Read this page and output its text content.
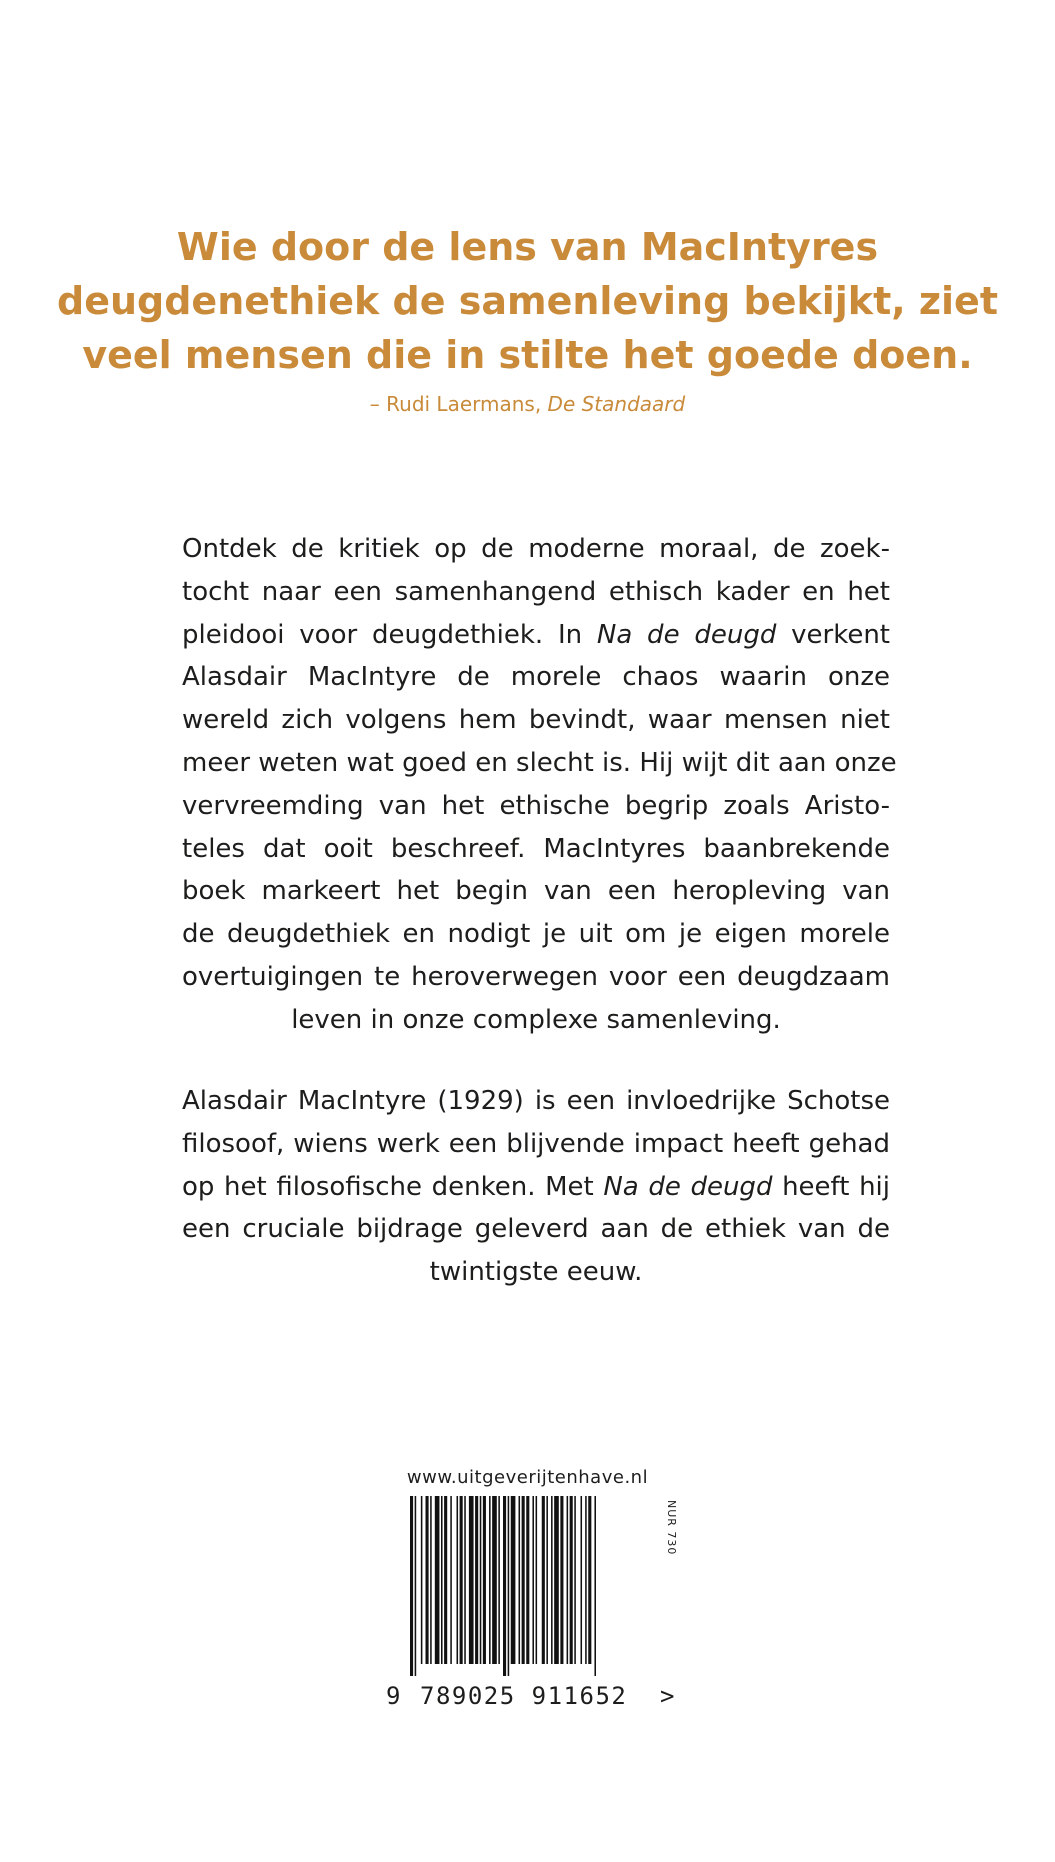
Wie door de lens van MacIntyres
deugdenethiek de samenleving bekijkt, ziet
veel mensen die in stilte het goede doen.
– Rudi Laermans, De Standaard
Ontdek de kritiek op de moderne moraal, de zoek-
tocht naar een samenhangend ethisch kader en het
pleidooi voor deugdethiek. In Na de deugd verkent
Alasdair MacIntyre de morele chaos waarin onze
wereld zich volgens hem bevindt, waar mensen niet
meer weten wat goed en slecht is. Hij wijt dit aan onze
vervreemding van het ethische begrip zoals Aristo-
teles dat ooit beschreef. MacIntyres baanbrekende
boek markeert het begin van een heropleving van
de deugdethiek en nodigt je uit om je eigen morele
overtuigingen te heroverwegen voor een deugdzaam
leven in onze complexe samenleving.
Alasdair MacIntyre (1929) is een invloedrijke Schotse
filosoof, wiens werk een blijvende impact heeft gehad
op het filosofische denken. Met Na de deugd heeft hij
een cruciale bijdrage geleverd aan de ethiek van de
twintigste eeuw.
www.uitgeverijtenhave.nl
NUR 730
9 789025 911652 >
